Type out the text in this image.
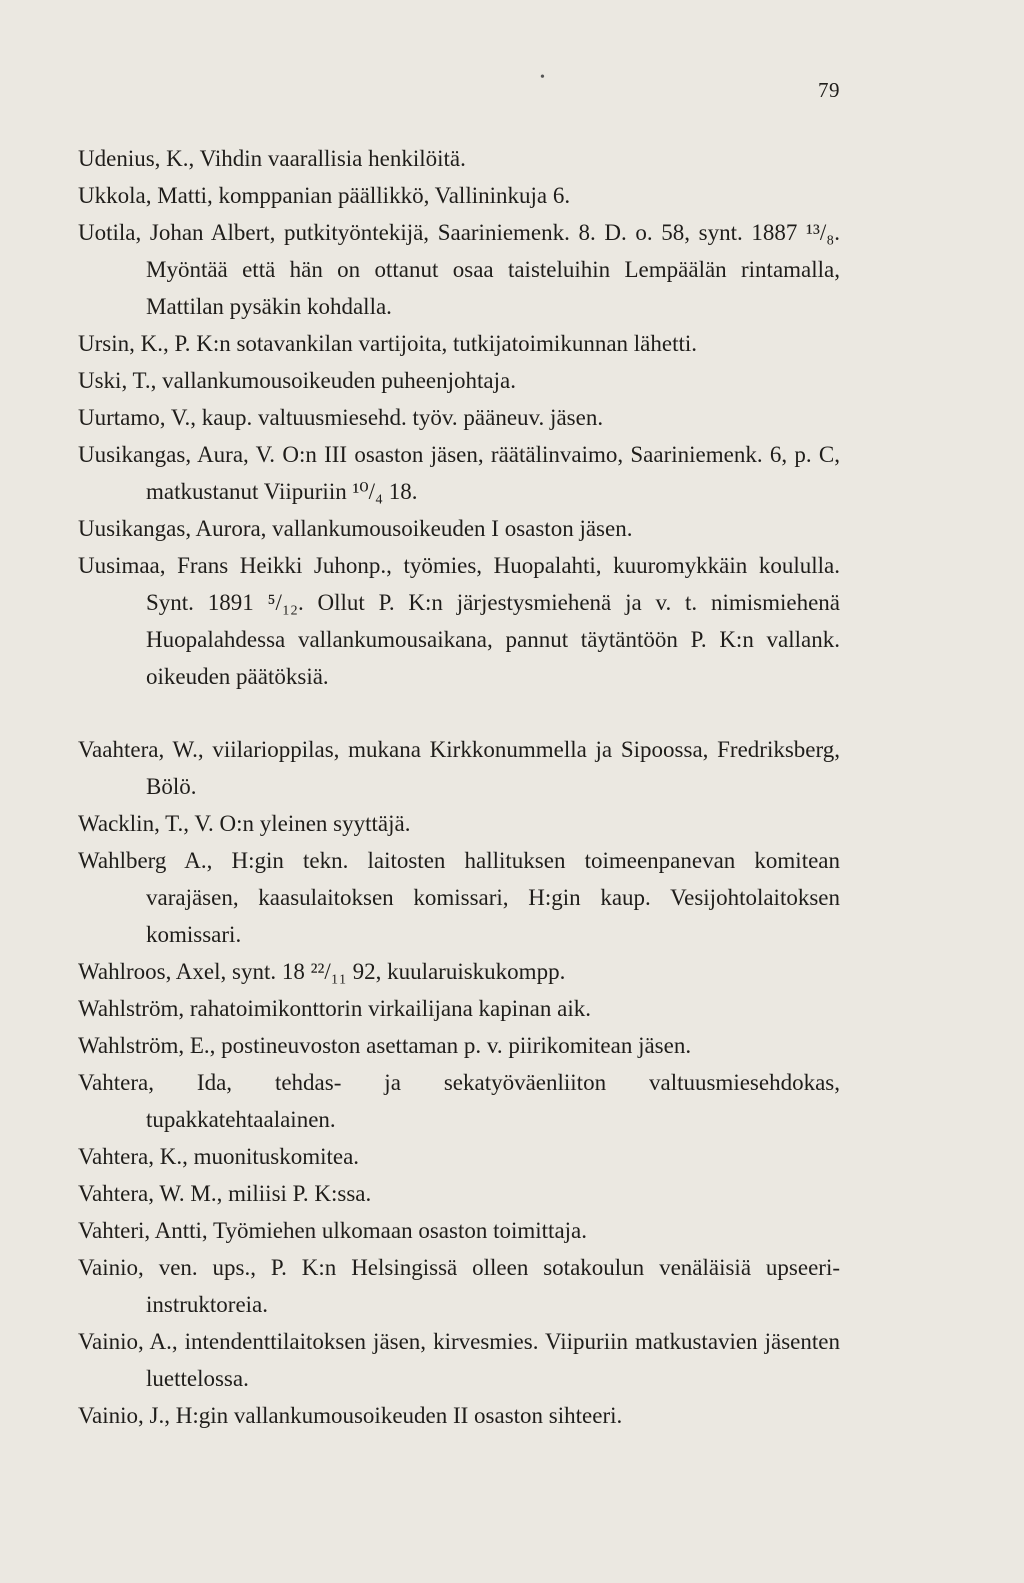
•
79

Udenius, K., Vihdin vaarallisia henkilöitä.

Ukkola, Matti, komppanian päällikkö, Vallininkuja 6.

Uotila, Johan Albert, putkityöntekijä, Saariniemenk. 8. D. o. 58, synt. 1887 ¹³/₈. Myöntää että hän on ottanut osaa taisteluihin Lempäälän rintamalla, Mattilan pysäkin kohdalla.

Ursin, K., P. K:n sotavankilan vartijoita, tutkijatoimikunnan lähetti.

Uski, T., vallankumousoikeuden puheenjohtaja.

Uurtamo, V., kaup. valtuusmiesehd. työv. pääneuv. jäsen.

Uusikangas, Aura, V. O:n III osaston jäsen, räätälinvaimo, Saariniemenk. 6, p. C, matkustanut Viipuriin ¹⁰/₄ 18.

Uusikangas, Aurora, vallankumousoikeuden I osaston jäsen.

Uusimaa, Frans Heikki Juhonp., työmies, Huopalahti, kuuromykkäin koululla. Synt. 1891 ⁵/₁₂. Ollut P. K:n järjestysmiehenä ja v. t. nimismiehenä Huopalahdessa vallankumousaikana, pannut täytäntöön P. K:n vallank. oikeuden päätöksiä.

Vaahtera, W., viilarioppilas, mukana Kirkkonummella ja Sipoossa, Fredriksberg, Bölö.

Wacklin, T., V. O:n yleinen syyttäjä.

Wahlberg A., H:gin tekn. laitosten hallituksen toimeenpanevan komitean varajäsen, kaasulaitoksen komissari, H:gin kaup. Vesijohtolaitoksen komissari.

Wahlroos, Axel, synt. 18 ²²/₁₁ 92, kuularuiskukompp.

Wahlström, rahatoimikonttorin virkailijana kapinan aik.

Wahlström, E., postineuvoston asettaman p. v. piirikomitean jäsen.

Vahtera, Ida, tehdas- ja sekatyöväenliiton valtuusmiesehdokas, tupakkatehtaalainen.

Vahtera, K., muonituskomitea.

Vahtera, W. M., miliisi P. K:ssa.

Vahteri, Antti, Työmiehen ulkomaan osaston toimittaja.

Vainio, ven. ups., P. K:n Helsingissä olleen sotakoulun venäläisiä upseeri-instruktoreia.

Vainio, A., intendenttilaitoksen jäsen, kirvesmies. Viipuriin matkustavien jäsenten luettelossa.

Vainio, J., H:gin vallankumousoikeuden II osaston sihteeri.
